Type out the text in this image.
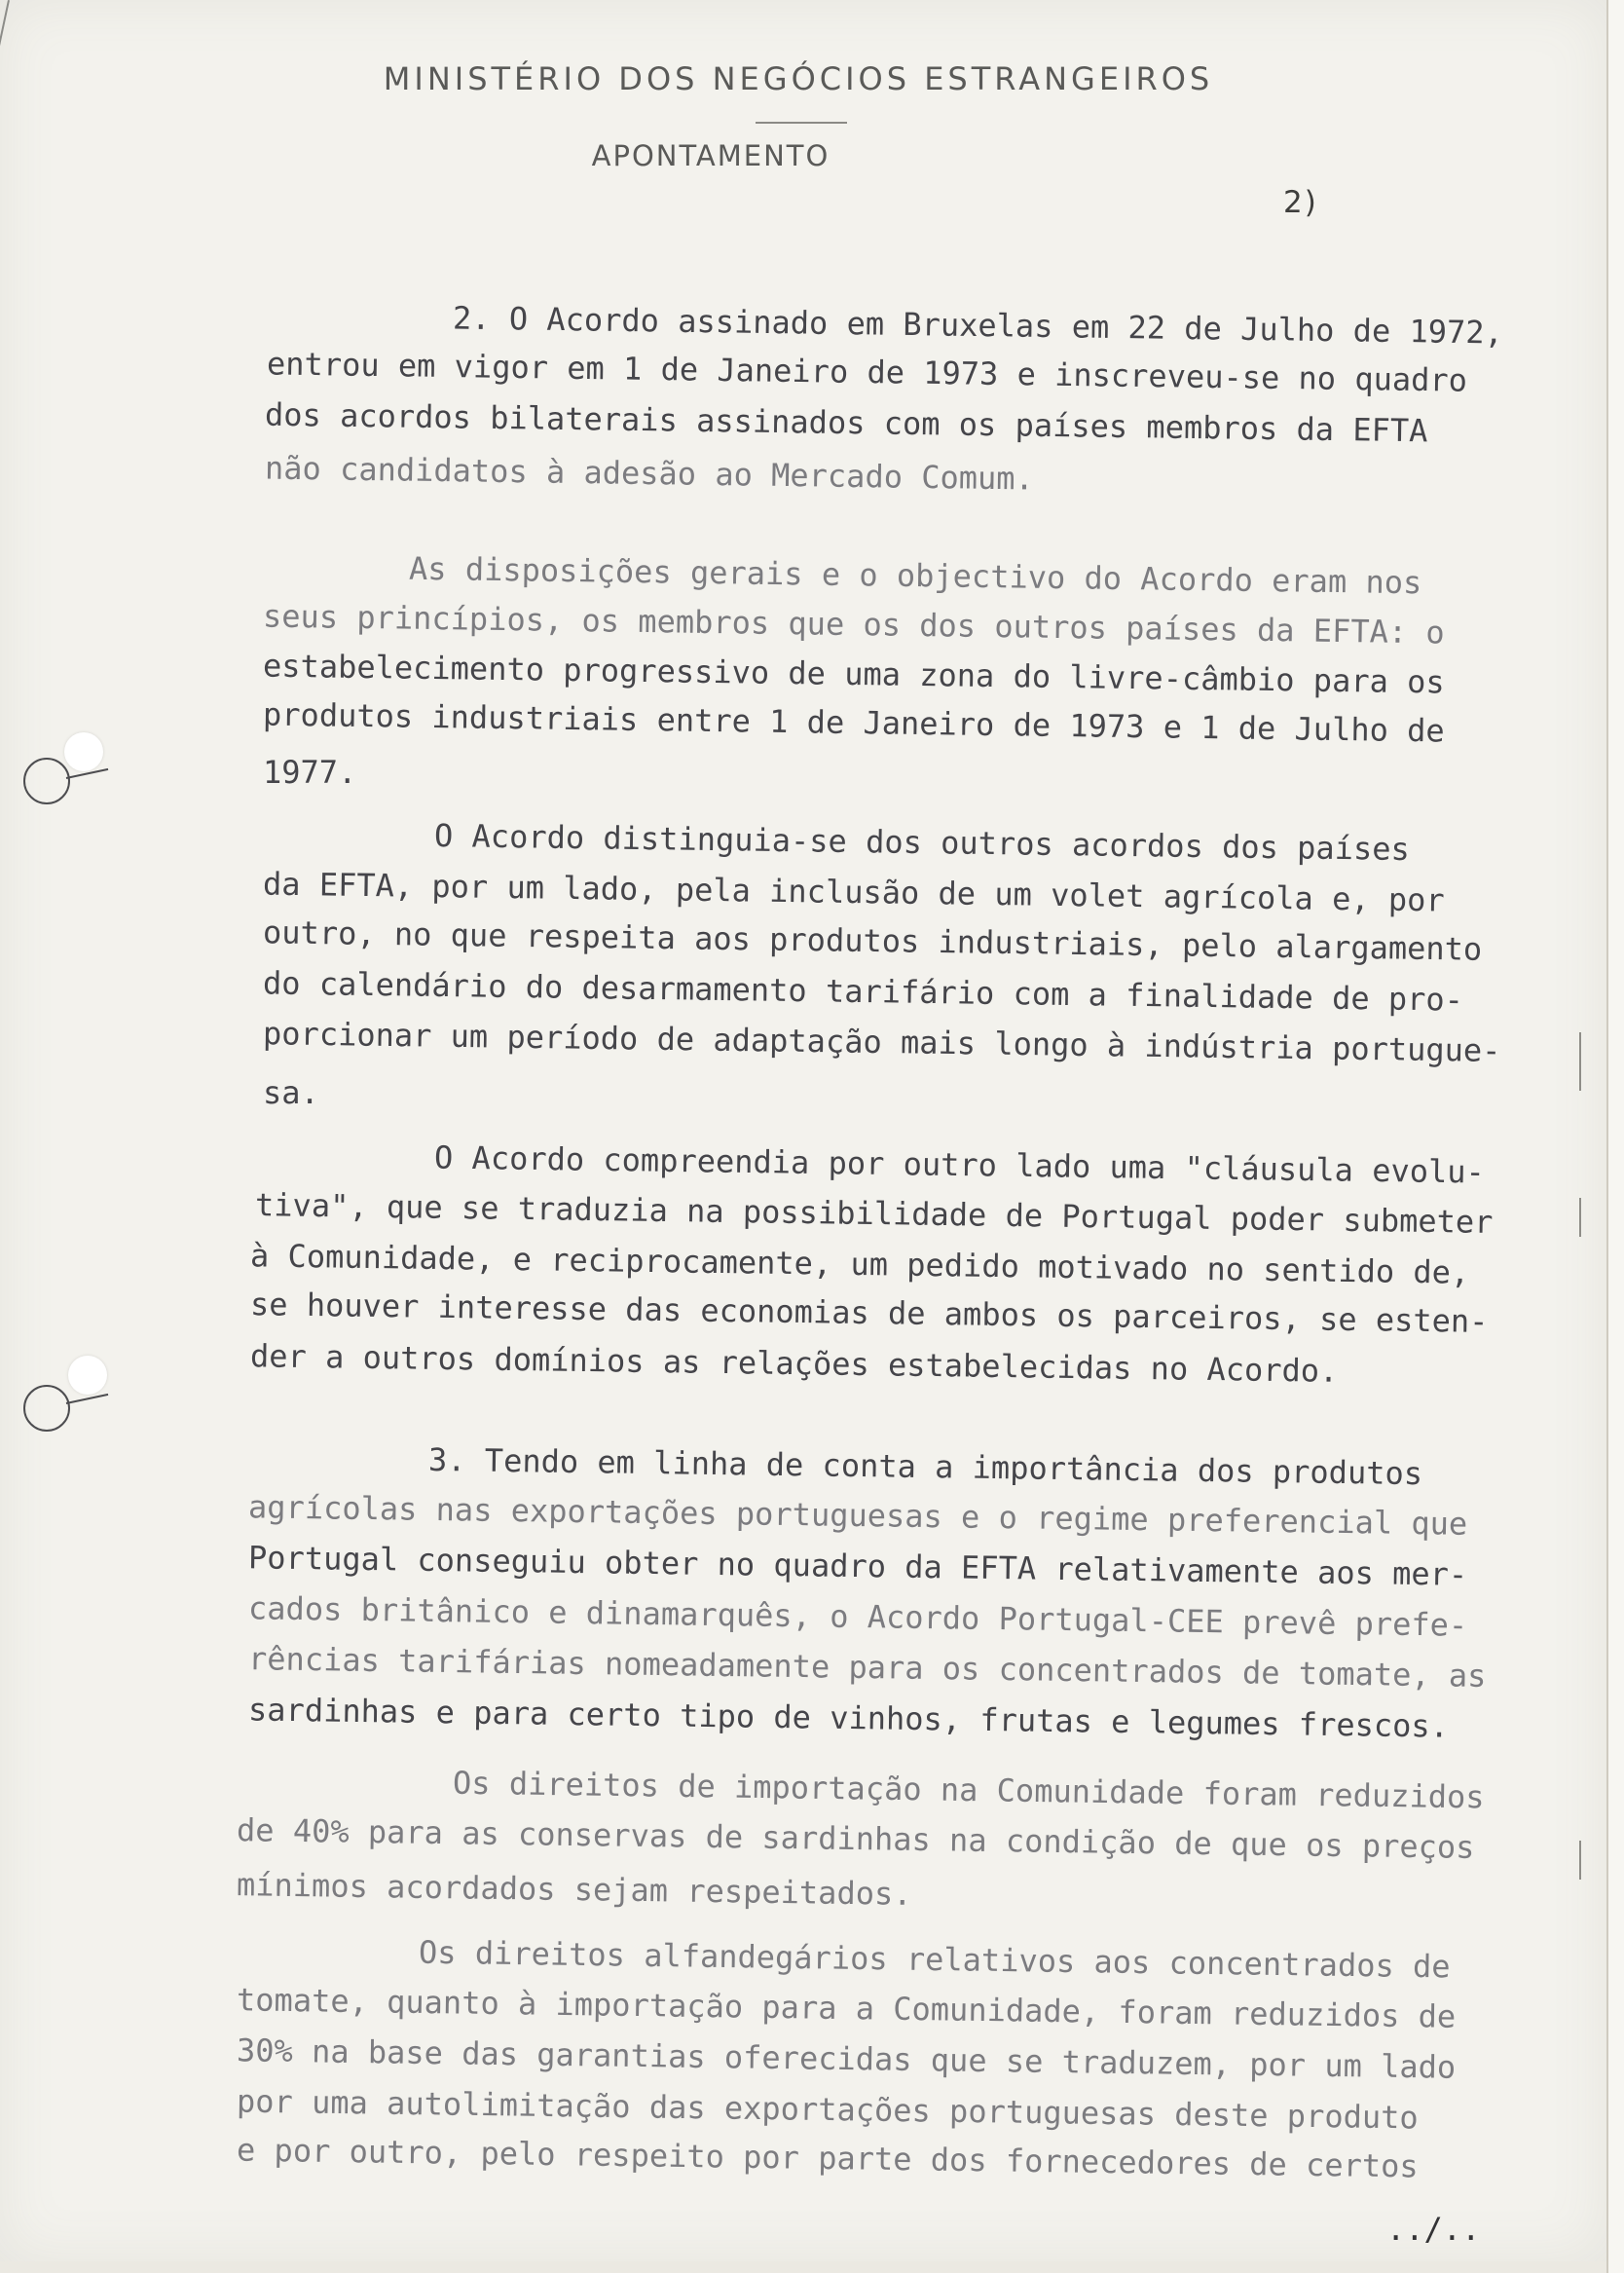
MINISTÉRIO DOS NEGÓCIOS ESTRANGEIROS
APONTAMENTO
2)
2. O Acordo assinado em Bruxelas em 22 de Julho de 1972,
entrou em vigor em 1 de Janeiro de 1973 e inscreveu-se no quadro
dos acordos bilaterais assinados com os países membros da EFTA
não candidatos à adesão ao Mercado Comum.
As disposições gerais e o objectivo do Acordo eram nos
seus princípios, os membros que os dos outros países da EFTA: o
estabelecimento progressivo de uma zona do livre-câmbio para os
produtos industriais entre 1 de Janeiro de 1973 e 1 de Julho de
1977.
O Acordo distinguia-se dos outros acordos dos países
da EFTA, por um lado, pela inclusão de um volet agrícola e, por
outro, no que respeita aos produtos industriais, pelo alargamento
do calendário do desarmamento tarifário com a finalidade de pro-
porcionar um período de adaptação mais longo à indústria portugue-
sa.
O Acordo compreendia por outro lado uma "cláusula evolu-
tiva", que se traduzia na possibilidade de Portugal poder submeter
à Comunidade, e reciprocamente, um pedido motivado no sentido de,
se houver interesse das economias de ambos os parceiros, se esten-
der a outros domínios as relações estabelecidas no Acordo.
3. Tendo em linha de conta a importância dos produtos
agrícolas nas exportações portuguesas e o regime preferencial que
Portugal conseguiu obter no quadro da EFTA relativamente aos mer-
cados britânico e dinamarquês, o Acordo Portugal-CEE prevê prefe-
rências tarifárias nomeadamente para os concentrados de tomate, as
sardinhas e para certo tipo de vinhos, frutas e legumes frescos.
Os direitos de importação na Comunidade foram reduzidos
de 40% para as conservas de sardinhas na condição de que os preços
mínimos acordados sejam respeitados.
Os direitos alfandegários relativos aos concentrados de
tomate, quanto à importação para a Comunidade, foram reduzidos de
30% na base das garantias oferecidas que se traduzem, por um lado
por uma autolimitação das exportações portuguesas deste produto
e por outro, pelo respeito por parte dos fornecedores de certos
../..
